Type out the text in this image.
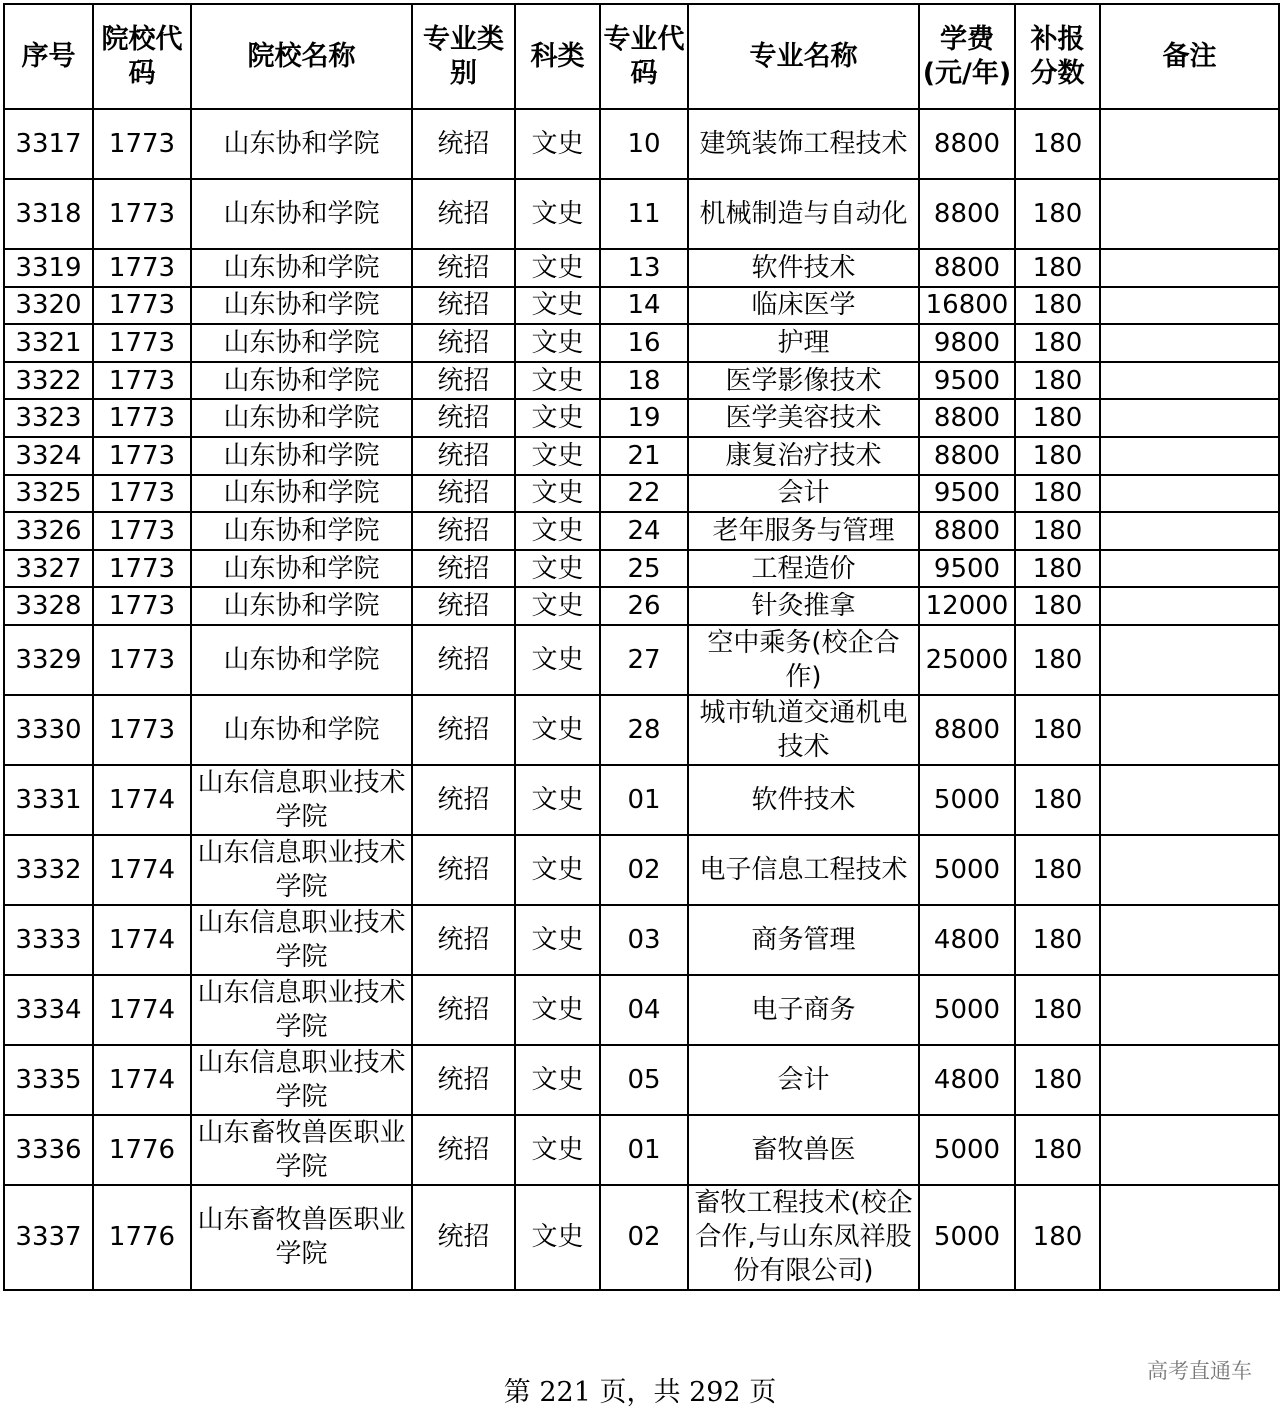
序号	院校代码	院校名称	专业类别	科类	专业代码	专业名称	学费(元/年)	补报分数	备注
3317	1773	山东协和学院	统招	文史	10	建筑装饰工程技术	8800	180	
3318	1773	山东协和学院	统招	文史	11	机械制造与自动化	8800	180	
3319	1773	山东协和学院	统招	文史	13	软件技术	8800	180	
3320	1773	山东协和学院	统招	文史	14	临床医学	16800	180	
3321	1773	山东协和学院	统招	文史	16	护理	9800	180	
3322	1773	山东协和学院	统招	文史	18	医学影像技术	9500	180	
3323	1773	山东协和学院	统招	文史	19	医学美容技术	8800	180	
3324	1773	山东协和学院	统招	文史	21	康复治疗技术	8800	180	
3325	1773	山东协和学院	统招	文史	22	会计	9500	180	
3326	1773	山东协和学院	统招	文史	24	老年服务与管理	8800	180	
3327	1773	山东协和学院	统招	文史	25	工程造价	9500	180	
3328	1773	山东协和学院	统招	文史	26	针灸推拿	12000	180	
3329	1773	山东协和学院	统招	文史	27	空中乘务(校企合作)	25000	180	
3330	1773	山东协和学院	统招	文史	28	城市轨道交通机电技术	8800	180	
3331	1774	山东信息职业技术学院	统招	文史	01	软件技术	5000	180	
3332	1774	山东信息职业技术学院	统招	文史	02	电子信息工程技术	5000	180	
3333	1774	山东信息职业技术学院	统招	文史	03	商务管理	4800	180	
3334	1774	山东信息职业技术学院	统招	文史	04	电子商务	5000	180	
3335	1774	山东信息职业技术学院	统招	文史	05	会计	4800	180	
3336	1776	山东畜牧兽医职业学院	统招	文史	01	畜牧兽医	5000	180	
3337	1776	山东畜牧兽医职业学院	统招	文史	02	畜牧工程技术(校企合作,与山东凤祥股份有限公司)	5000	180	
第 221 页，共 292 页
高考直通车
